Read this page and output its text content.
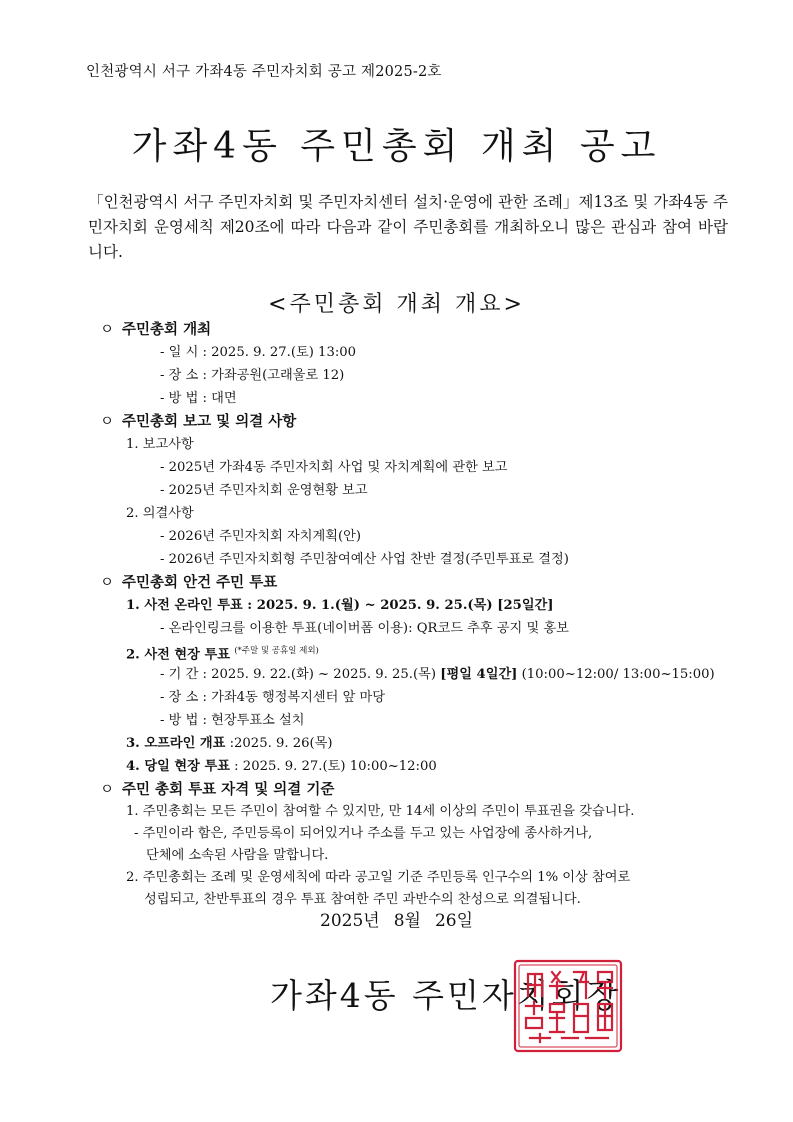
인천광역시 서구 가좌4동 주민자치회 공고 제2025-2호
가좌4동 주민총회 개최 공고
「인천광역시 서구 주민자치회 및 주민자치센터 설치·운영에 관한 조례」제13조 및 가좌4동 주민자치회 운영세칙 제20조에 따라 다음과 같이 주민총회를 개최하오니 많은 관심과 참여 바랍니다.
<주민총회 개최 개요>
ㅇ 주민총회 개최
- 일 시 : 2025. 9. 27.(토) 13:00
- 장 소 : 가좌공원(고래울로 12)
- 방 법 : 대면
ㅇ 주민총회 보고 및 의결 사항
1. 보고사항
- 2025년 가좌4동 주민자치회 사업 및 자치계획에 관한 보고
- 2025년 주민자치회 운영현황 보고
2. 의결사항
- 2026년 주민자치회 자치계획(안)
- 2026년 주민자치회형 주민참여예산 사업 찬반 결정(주민투표로 결정)
ㅇ 주민총회 안건 주민 투표
1. 사전 온라인 투표 : 2025. 9. 1.(월) ~ 2025. 9. 25.(목) [25일간]
- 온라인링크를 이용한 투표(네이버폼 이용): QR코드 추후 공지 및 홍보
2. 사전 현장 투표 $^{(*주말 및 공휴일 제외)}$
- 기 간 : 2025. 9. 22.(화) ~ 2025. 9. 25.(목) [평일 4일간] (10:00~12:00/ 13:00~15:00)
- 장 소 : 가좌4동 행정복지센터 앞 마당
- 방 법 : 현장투표소 설치
3. 오프라인 개표 :2025. 9. 26(목)
4. 당일 현장 투표 : 2025. 9. 27.(토) 10:00~12:00
ㅇ 주민 총회 투표 자격 및 의결 기준
1. 주민총회는 모든 주민이 참여할 수 있지만, 만 14세 이상의 주민이 투표권을 갖습니다.
- 주민이라 함은, 주민등록이 되어있거나 주소를 두고 있는 사업장에 종사하거나,
단체에 소속된 사람을 말합니다.
2. 주민총회는 조례 및 운영세칙에 따라 공고일 기준 주민등록 인구수의 1% 이상 참여로
성립되고, 찬반투표의 경우 투표 참여한 주민 과반수의 찬성으로 의결됩니다.
2025년 8월 26일
가좌4동 주민자치회장
